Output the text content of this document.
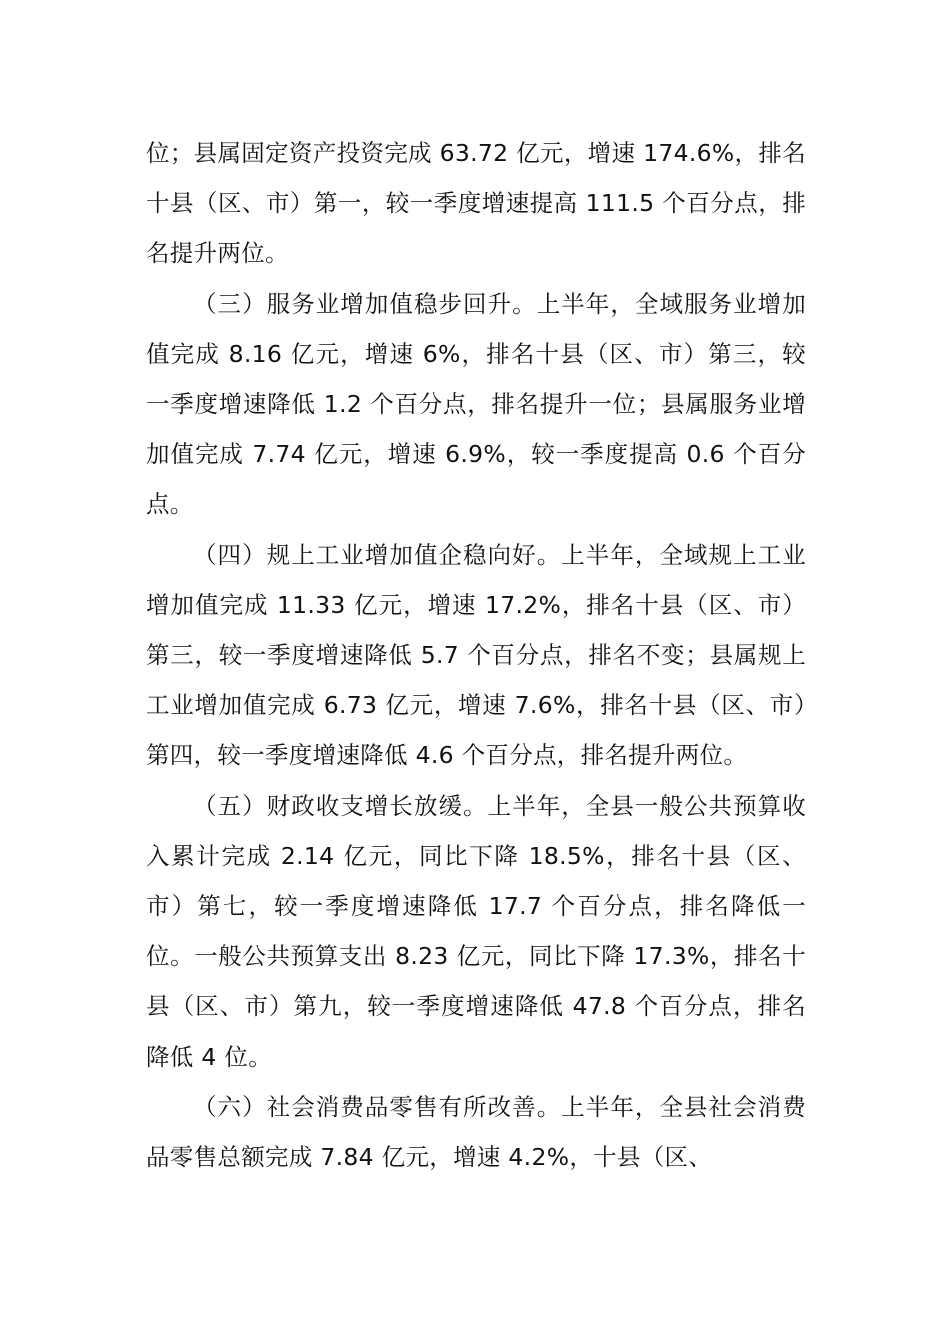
位；县属固定资产投资完成 63.72 亿元，增速 174.6%，排名十县（区、市）第一，较一季度增速提高 111.5 个百分点，排名提升两位。

（三）服务业增加值稳步回升。上半年，全域服务业增加值完成 8.16 亿元，增速 6%，排名十县（区、市）第三，较一季度增速降低 1.2 个百分点，排名提升一位；县属服务业增加值完成 7.74 亿元，增速 6.9%，较一季度提高 0.6 个百分点。

（四）规上工业增加值企稳向好。上半年，全域规上工业增加值完成 11.33 亿元，增速 17.2%，排名十县（区、市）第三，较一季度增速降低 5.7 个百分点，排名不变；县属规上工业增加值完成 6.73 亿元，增速 7.6%，排名十县（区、市）第四，较一季度增速降低 4.6 个百分点，排名提升两位。

（五）财政收支增长放缓。上半年，全县一般公共预算收入累计完成 2.14 亿元，同比下降 18.5%，排名十县（区、市）第七，较一季度增速降低 17.7 个百分点，排名降低一位。一般公共预算支出 8.23 亿元，同比下降 17.3%，排名十县（区、市）第九，较一季度增速降低 47.8 个百分点，排名降低 4 位。

（六）社会消费品零售有所改善。上半年，全县社会消费品零售总额完成 7.84 亿元，增速 4.2%，十县（区、
